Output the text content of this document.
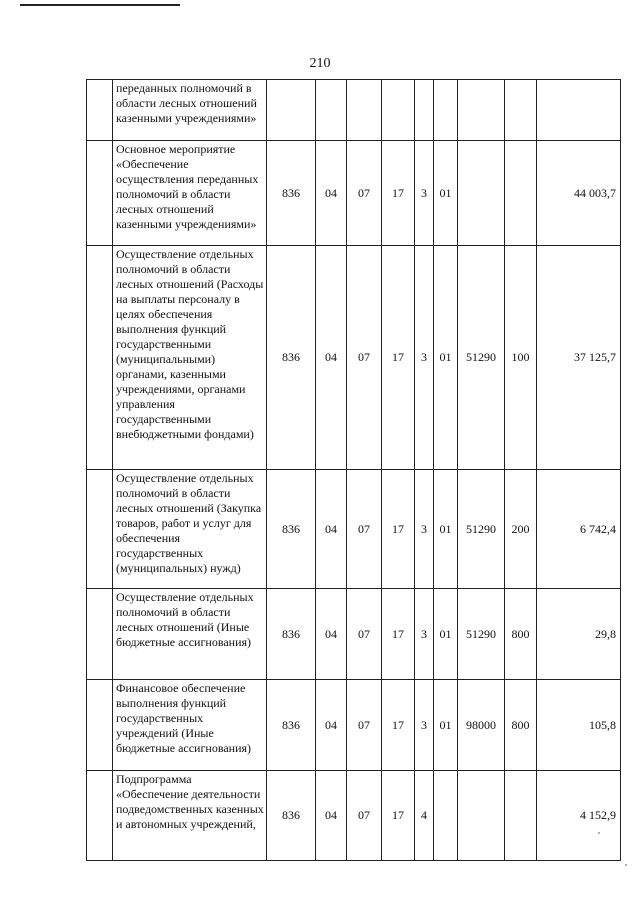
210
	переданных полномочий в области лесных отношений казенными учреждениями»									
	Основное мероприятие «Обеспечение осуществления переданных полномочий в области лесных отношений казенными учреждениями»	836	04	07	17	3	01			44 003,7
	Осуществление отдельных полномочий в области лесных отношений (Расходы на выплаты персоналу в целях обеспечения выполнения функций государственными (муниципальными) органами, казенными учреждениями, органами управления государственными внебюджетными фондами)	836	04	07	17	3	01	51290	100	37 125,7
	Осуществление отдельных полномочий в области лесных отношений (Закупка товаров, работ и услуг для обеспечения государственных (муниципальных) нужд)	836	04	07	17	3	01	51290	200	6 742,4
	Осуществление отдельных полномочий в области лесных отношений (Иные бюджетные ассигнования)	836	04	07	17	3	01	51290	800	29,8
	Финансовое обеспечение выполнения функций государственных учреждений (Иные бюджетные ассигнования)	836	04	07	17	3	01	98000	800	105,8
	Подпрограмма «Обеспечение деятельности подведомственных казенных и автономных учреждений,	836	04	07	17	4				4 152,9
